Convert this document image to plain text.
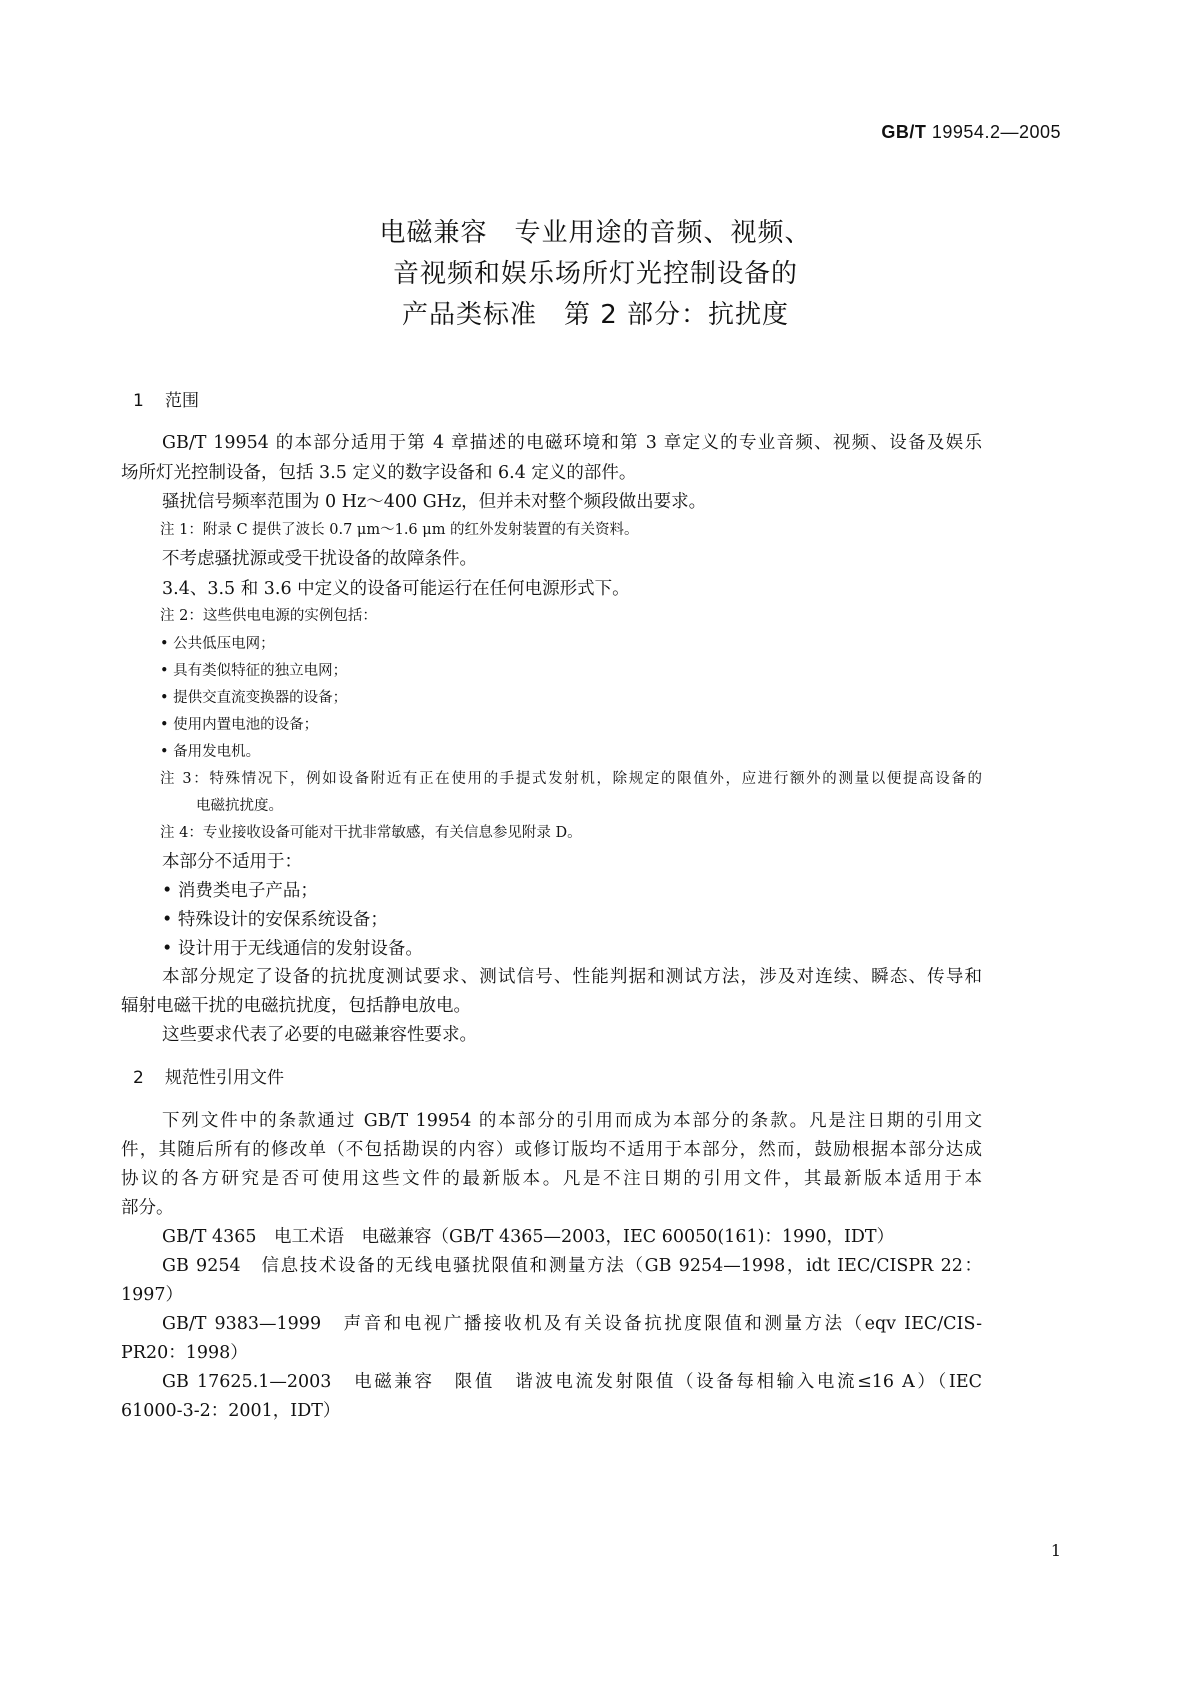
GB/T 19954.2—2005
电磁兼容　专业用途的音频、视频、
音视频和娱乐场所灯光控制设备的
产品类标准　第 2 部分：抗扰度
1 范围
GB/T 19954 的本部分适用于第 4 章描述的电磁环境和第 3 章定义的专业音频、视频、设备及娱乐
场所灯光控制设备，包括 3.5 定义的数字设备和 6.4 定义的部件。
骚扰信号频率范围为 0 Hz～400 GHz，但并未对整个频段做出要求。
注 1：附录 C 提供了波长 0.7 μm～1.6 μm 的红外发射装置的有关资料。
不考虑骚扰源或受干扰设备的故障条件。
3.4、3.5 和 3.6 中定义的设备可能运行在任何电源形式下。
注 2：这些供电电源的实例包括：
• 公共低压电网；
• 具有类似特征的独立电网；
• 提供交直流变换器的设备；
• 使用内置电池的设备；
• 备用发电机。
注 3：特殊情况下，例如设备附近有正在使用的手提式发射机，除规定的限值外，应进行额外的测量以便提高设备的
电磁抗扰度。
注 4：专业接收设备可能对干扰非常敏感，有关信息参见附录 D。
本部分不适用于：
• 消费类电子产品；
• 特殊设计的安保系统设备；
• 设计用于无线通信的发射设备。
本部分规定了设备的抗扰度测试要求、测试信号、性能判据和测试方法，涉及对连续、瞬态、传导和
辐射电磁干扰的电磁抗扰度，包括静电放电。
这些要求代表了必要的电磁兼容性要求。
2 规范性引用文件
下列文件中的条款通过 GB/T 19954 的本部分的引用而成为本部分的条款。凡是注日期的引用文
件，其随后所有的修改单（不包括勘误的内容）或修订版均不适用于本部分，然而，鼓励根据本部分达成
协议的各方研究是否可使用这些文件的最新版本。凡是不注日期的引用文件，其最新版本适用于本
部分。
GB/T 4365　电工术语　电磁兼容（GB/T 4365—2003，IEC 60050(161)：1990，IDT）
GB 9254　信息技术设备的无线电骚扰限值和测量方法（GB 9254—1998，idt IEC/CISPR 22：
1997）
GB/T 9383—1999　声音和电视广播接收机及有关设备抗扰度限值和测量方法（eqv IEC/CIS-
PR20：1998）
GB 17625.1—2003　电磁兼容　限值　谐波电流发射限值（设备每相输入电流≤16 A）（IEC
61000-3-2：2001，IDT）
1
